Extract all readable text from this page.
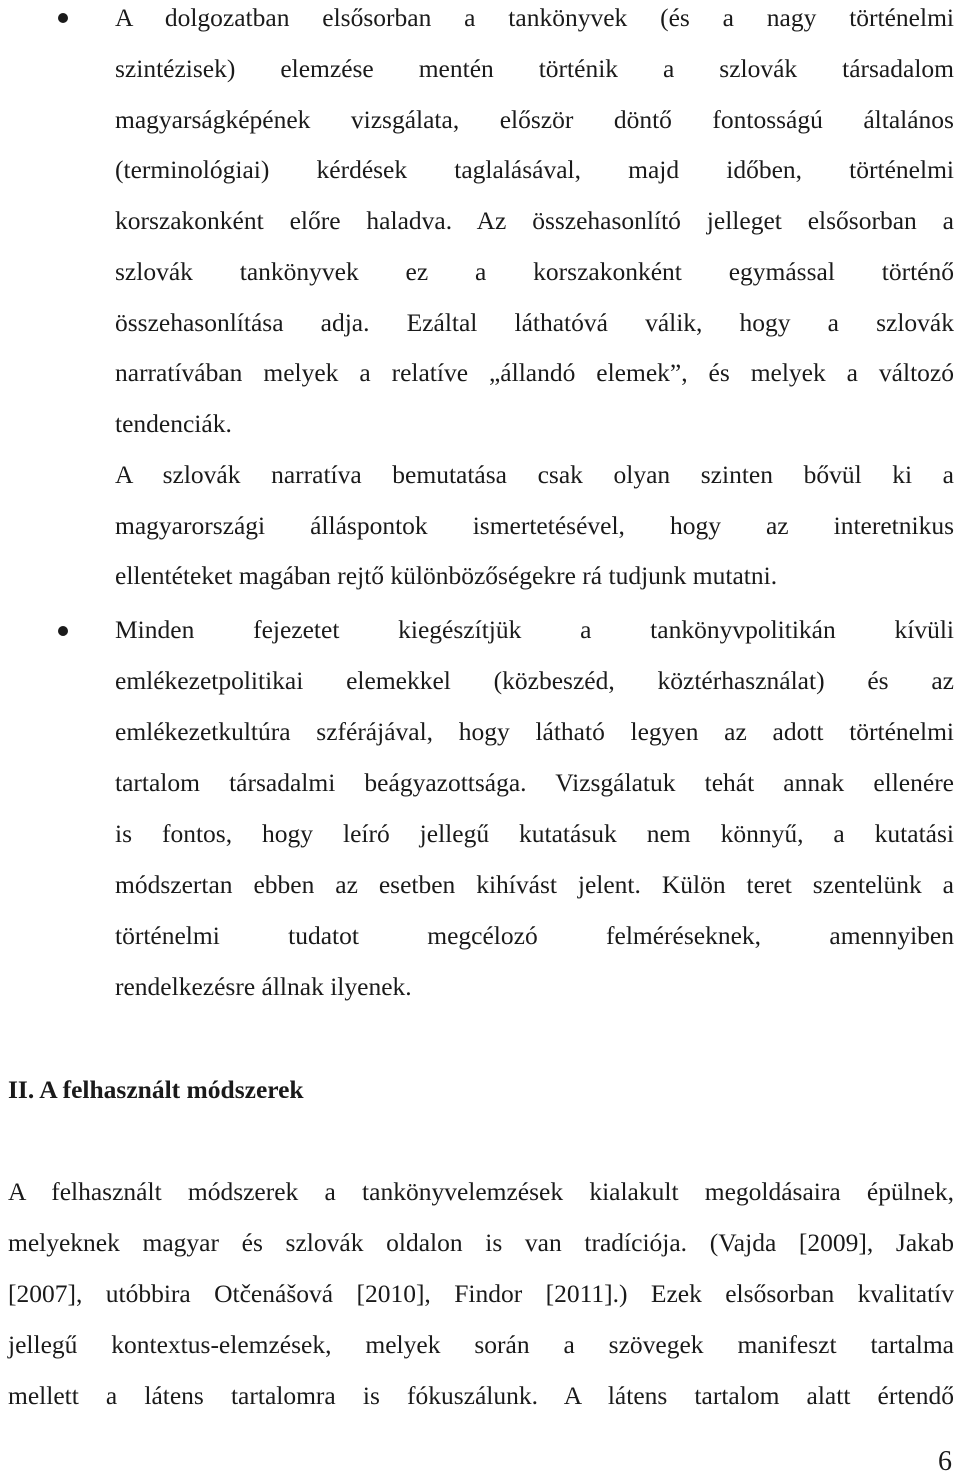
A dolgozatban elsősorban a tankönyvek (és a nagy történelmi
szintézisek) elemzése mentén történik a szlovák társadalom
magyarságképének vizsgálata, először döntő fontosságú általános
(terminológiai) kérdések taglalásával, majd időben, történelmi
korszakonként előre haladva. Az összehasonlító jelleget elsősorban a
szlovák tankönyvek ez a korszakonként egymással történő
összehasonlítása adja. Ezáltal láthatóvá válik, hogy a szlovák
narratívában melyek a relatíve „állandó elemek”, és melyek a változó
tendenciák.
A szlovák narratíva bemutatása csak olyan szinten bővül ki a
magyarországi álláspontok ismertetésével, hogy az interetnikus
ellentéteket magában rejtő különbözőségekre rá tudjunk mutatni.
Minden fejezetet kiegészítjük a tankönyvpolitikán kívüli
emlékezetpolitikai elemekkel (közbeszéd, köztérhasználat) és az
emlékezetkultúra szférájával, hogy látható legyen az adott történelmi
tartalom társadalmi beágyazottsága. Vizsgálatuk tehát annak ellenére
is fontos, hogy leíró jellegű kutatásuk nem könnyű, a kutatási
módszertan ebben az esetben kihívást jelent. Külön teret szentelünk a
történelmi tudatot megcélozó felméréseknek, amennyiben
rendelkezésre állnak ilyenek.
II. A felhasznált módszerek
A felhasznált módszerek a tankönyvelemzések kialakult megoldásaira épülnek,
melyeknek magyar és szlovák oldalon is van tradíciója. (Vajda [2009], Jakab
[2007], utóbbira Otčenášová [2010], Findor [2011].) Ezek elsősorban kvalitatív
jellegű kontextus-elemzések, melyek során a szövegek manifeszt tartalma
mellett a látens tartalomra is fókuszálunk. A látens tartalom alatt értendő
6
